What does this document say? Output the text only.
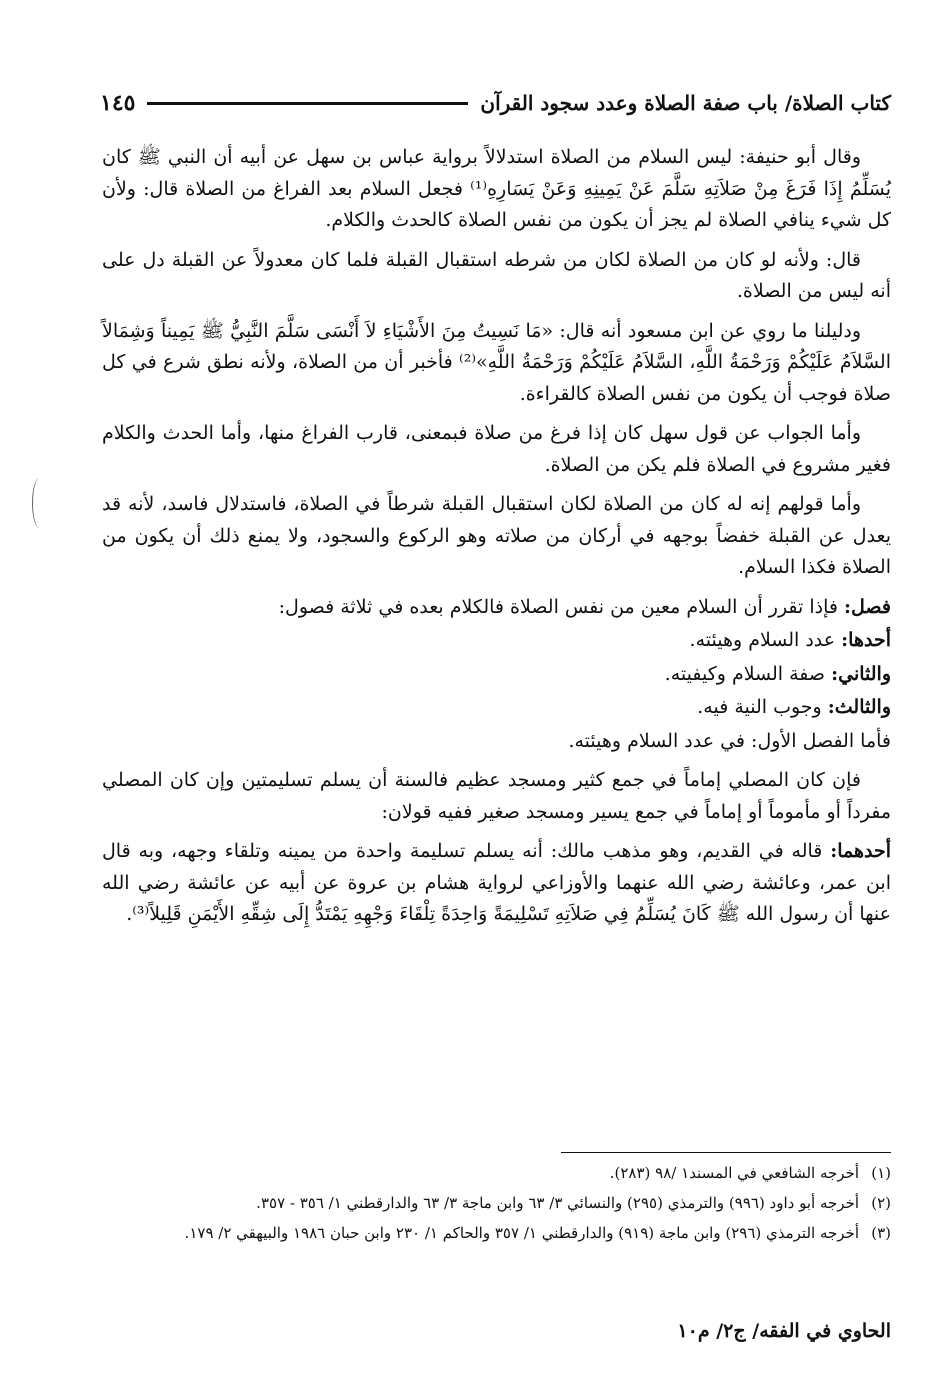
كتاب الصلاة/ باب صفة الصلاة وعدد سجود القرآن
١٤٥

وقال أبو حنيفة: ليس السلام من الصلاة استدلالاً برواية عباس بن سهل عن أبيه أن النبي ﷺ كان يُسَلِّمُ إِذَا فَرَغَ مِنْ صَلاَتِهِ سَلَّمَ عَنْ يَمِينِهِ وَعَنْ يَسَارِهِ⁽¹⁾ فجعل السلام بعد الفراغ من الصلاة قال: ولأن كل شيء ينافي الصلاة لم يجز أن يكون من نفس الصلاة كالحدث والكلام.

قال: ولأنه لو كان من الصلاة لكان من شرطه استقبال القبلة فلما كان معدولاً عن القبلة دل على أنه ليس من الصلاة.

ودليلنا ما روي عن ابن مسعود أنه قال: «مَا نَسِيتُ مِنَ الأَشْيَاءِ لاَ أَنْسَى سَلَّمَ النَّبِيُّ ﷺ يَمِيناً وَشِمَالاً السَّلاَمُ عَلَيْكُمْ وَرَحْمَةُ اللَّهِ، السَّلاَمُ عَلَيْكُمْ وَرَحْمَةُ اللَّهِ»⁽²⁾ فأخبر أن من الصلاة، ولأنه نطق شرع في كل صلاة فوجب أن يكون من نفس الصلاة كالقراءة.

وأما الجواب عن قول سهل كان إذا فرغ من صلاة فبمعنى، قارب الفراغ منها، وأما الحدث والكلام فغير مشروع في الصلاة فلم يكن من الصلاة.

وأما قولهم إنه له كان من الصلاة لكان استقبال القبلة شرطاً في الصلاة، فاستدلال فاسد، لأنه قد يعدل عن القبلة خفضاً بوجهه في أركان من صلاته وهو الركوع والسجود، ولا يمنع ذلك أن يكون من الصلاة فكذا السلام.

فصل: فإذا تقرر أن السلام معين من نفس الصلاة فالكلام بعده في ثلاثة فصول:

أحدها: عدد السلام وهيئته.

والثاني: صفة السلام وكيفيته.

والثالث: وجوب النية فيه.

فأما الفصل الأول: في عدد السلام وهيئته.

فإن كان المصلي إماماً في جمع كثير ومسجد عظيم فالسنة أن يسلم تسليمتين وإن كان المصلي مفرداً أو مأموماً أو إماماً في جمع يسير ومسجد صغير ففيه قولان:

أحدهما: قاله في القديم، وهو مذهب مالك: أنه يسلم تسليمة واحدة من يمينه وتلقاء وجهه، وبه قال ابن عمر، وعائشة رضي الله عنهما والأوزاعي لرواية هشام بن عروة عن أبيه عن عائشة رضي الله عنها أن رسول الله ﷺ كَانَ يُسَلِّمُ فِي صَلاَتِهِ تَسْلِيمَةً وَاحِدَةً تِلْقَاءَ وَجْهِهِ يَمْتَدُّ إِلَى شِقِّهِ الأَيْمَنِ قَلِيلاً⁽³⁾.

(١)
أخرجه الشافعي في المسند١ /٩٨ (٢٨٣).
(٢)
أخرجه أبو داود (٩٩٦) والترمذي (٢٩٥) والنسائي ٣/ ٦٣ وابن ماجة ٣/ ٦٣ والدارقطني ١/ ٣٥٦ - ٣٥٧.
(٣)
أخرجه الترمذي (٢٩٦) وابن ماجة (٩١٩) والدارقطني ١/ ٣٥٧ والحاكم ١/ ٢٣٠ وابن حبان ١٩٨٦ والبيهقي ٢/ ١٧٩.
الحاوي في الفقه/ ج٢/ م١٠
